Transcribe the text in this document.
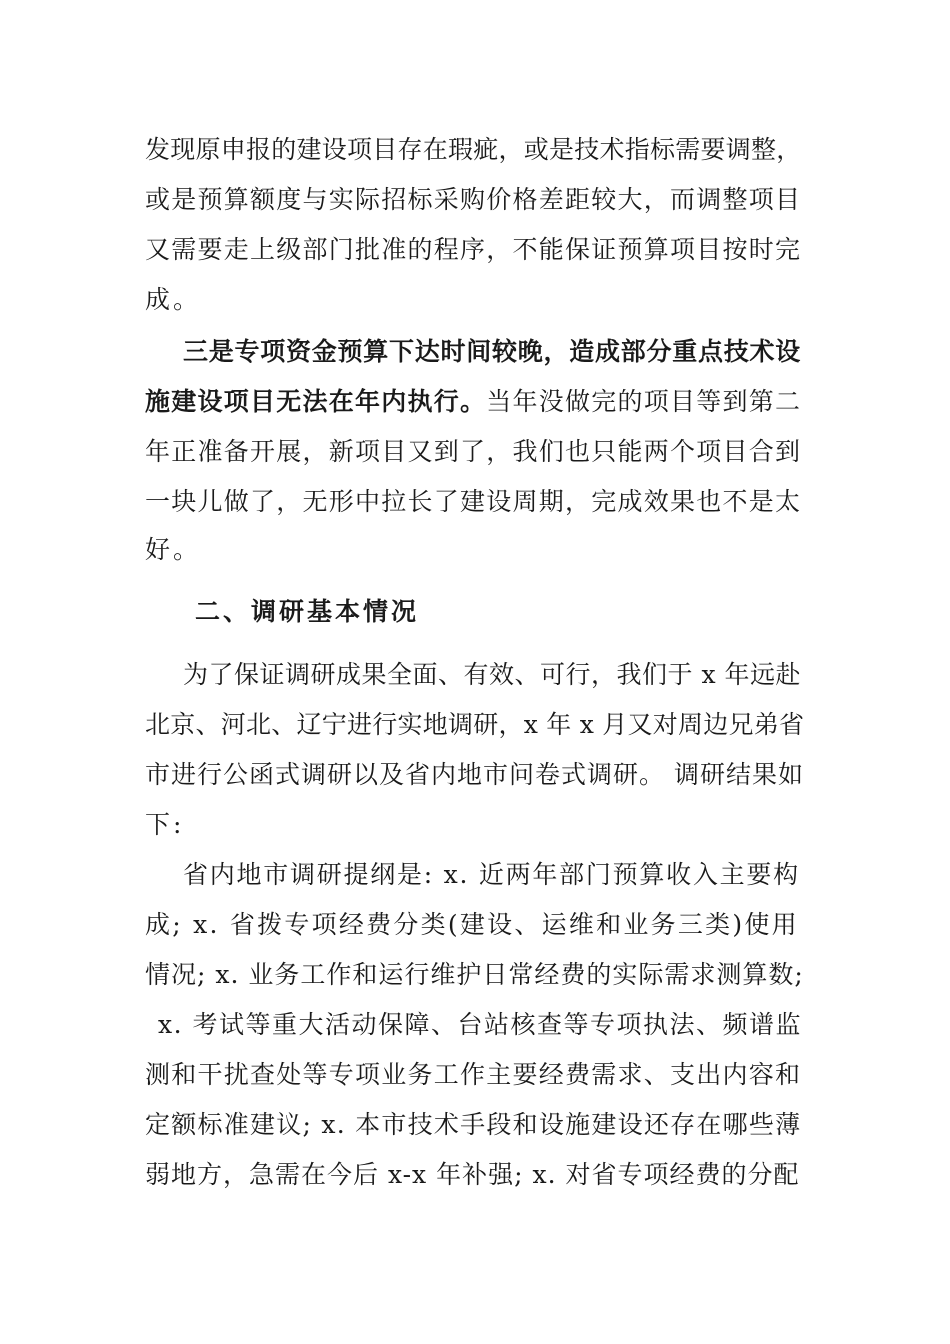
发现原申报的建设项目存在瑕疵，或是技术指标需要调整，
或是预算额度与实际招标采购价格差距较大，而调整项目
又需要走上级部门批准的程序，不能保证预算项目按时完
成。
三是专项资金预算下达时间较晚，造成部分重点技术设
施建设项目无法在年内执行。当年没做完的项目等到第二
年正准备开展，新项目又到了，我们也只能两个项目合到
一块儿做了，无形中拉长了建设周期，完成效果也不是太
好。
二、调研基本情况
为了保证调研成果全面、有效、可行，我们于 x 年远赴
北京、河北、辽宁进行实地调研，x 年 x 月又对周边兄弟省
市进行公函式调研以及省内地市问卷式调研。 调研结果如
下:
省内地市调研提纲是: x. 近两年部门预算收入主要构
成; x. 省拨专项经费分类(建设、运维和业务三类)使用
情况; x. 业务工作和运行维护日常经费的实际需求测算数;
x. 考试等重大活动保障、台站核查等专项执法、频谱监
测和干扰查处等专项业务工作主要经费需求、支出内容和
定额标准建议; x. 本市技术手段和设施建设还存在哪些薄
弱地方，急需在今后 x-x 年补强; x. 对省专项经费的分配
